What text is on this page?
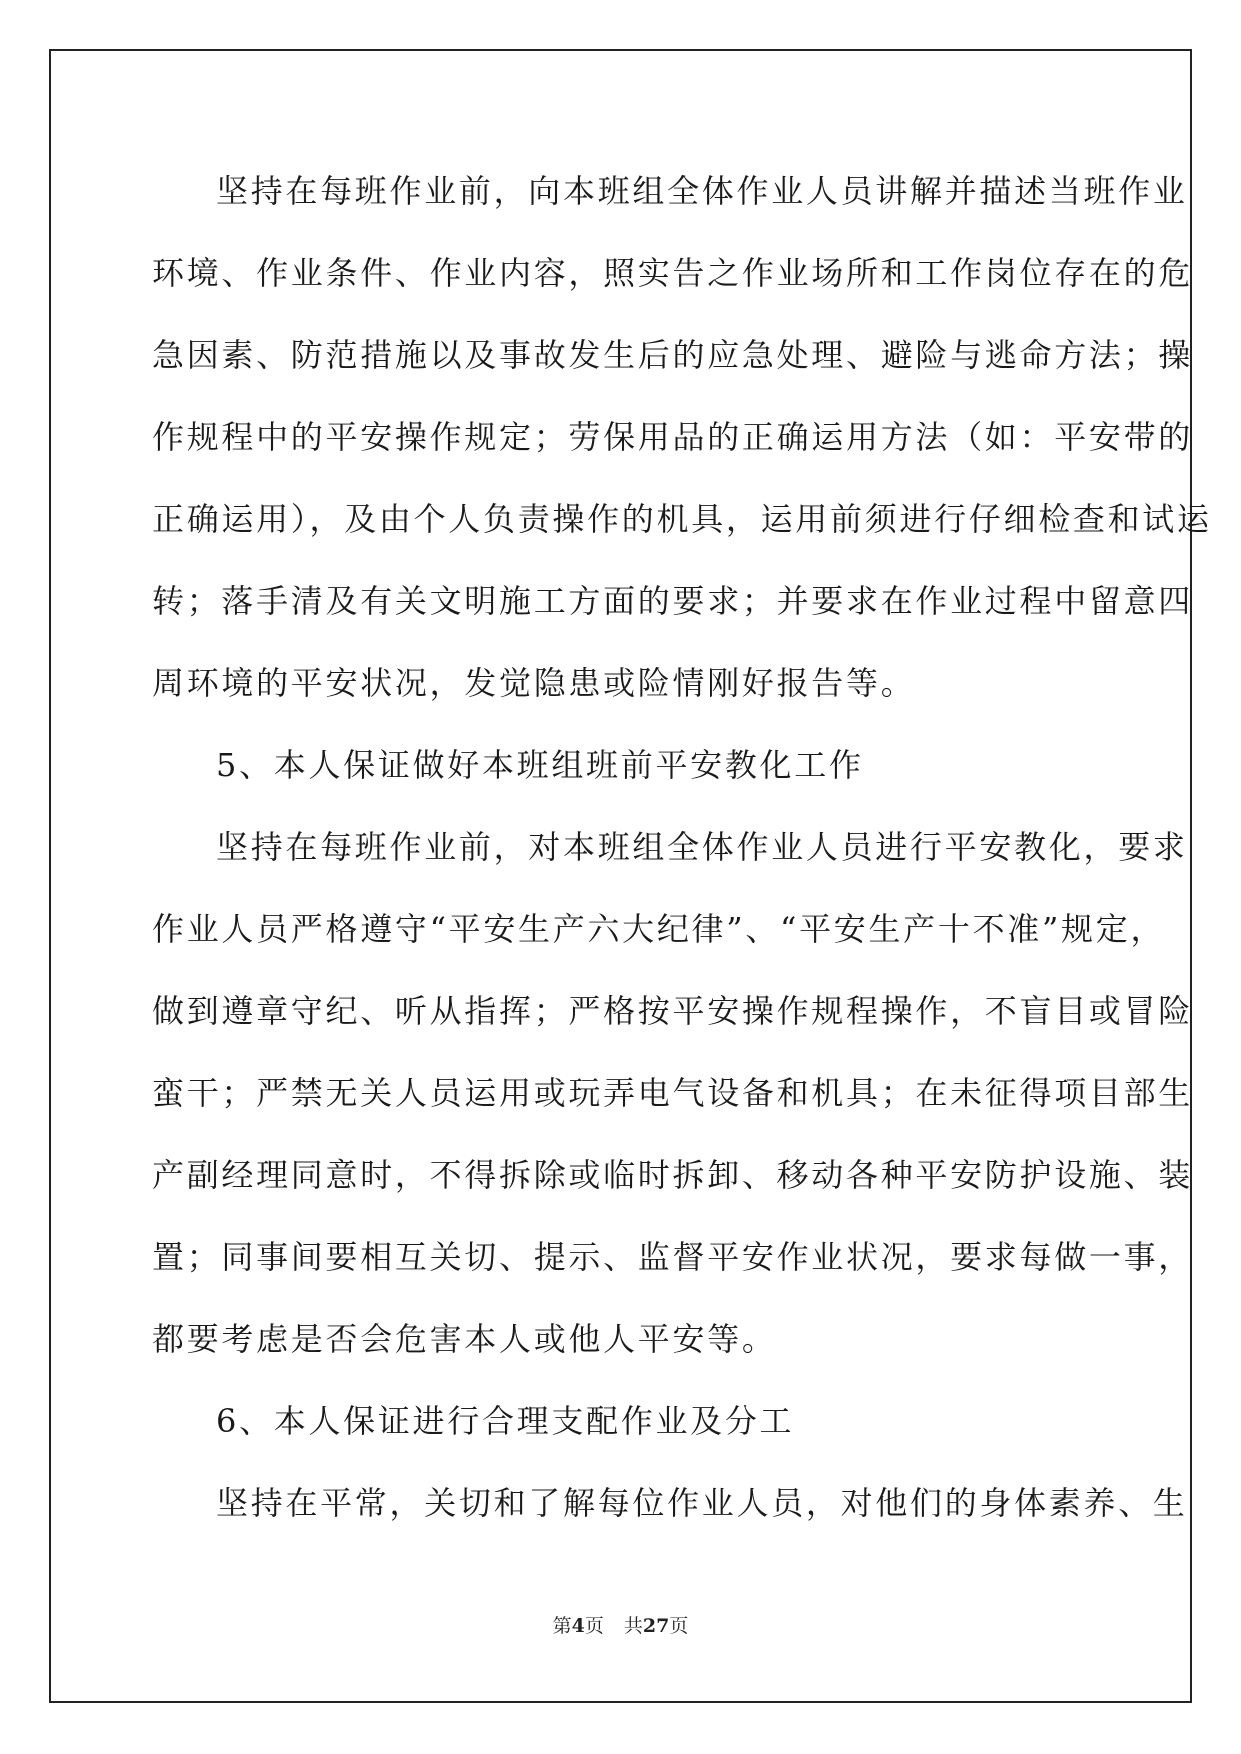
坚持在每班作业前，向本班组全体作业人员讲解并描述当班作业
环境、作业条件、作业内容，照实告之作业场所和工作岗位存在的危
急因素、防范措施以及事故发生后的应急处理、避险与逃命方法；操
作规程中的平安操作规定；劳保用品的正确运用方法（如：平安带的
正确运用），及由个人负责操作的机具，运用前须进行仔细检查和试运
转；落手清及有关文明施工方面的要求；并要求在作业过程中留意四
周环境的平安状况，发觉隐患或险情刚好报告等。
5、本人保证做好本班组班前平安教化工作
坚持在每班作业前，对本班组全体作业人员进行平安教化，要求
作业人员严格遵守“平安生产六大纪律”、“平安生产十不准”规定，
做到遵章守纪、听从指挥；严格按平安操作规程操作，不盲目或冒险
蛮干；严禁无关人员运用或玩弄电气设备和机具；在未征得项目部生
产副经理同意时，不得拆除或临时拆卸、移动各种平安防护设施、装
置；同事间要相互关切、提示、监督平安作业状况，要求每做一事，
都要考虑是否会危害本人或他人平安等。
6、本人保证进行合理支配作业及分工
坚持在平常，关切和了解每位作业人员，对他们的身体素养、生
第4页 共27页
